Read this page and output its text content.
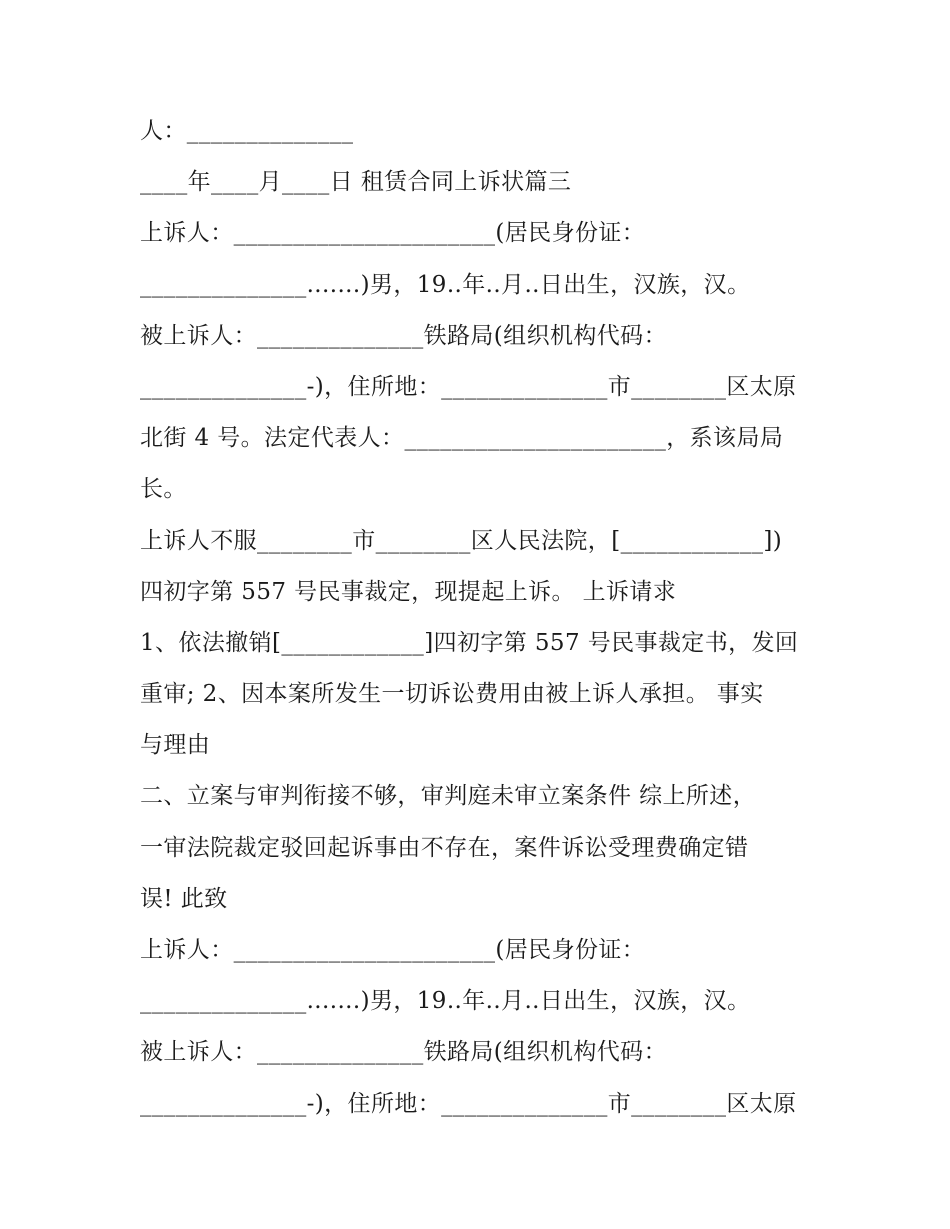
人：______________
____年____月____日 租赁合同上诉状篇三
上诉人：______________________(居民身份证：
______________.......)男，19..年..月..日出生，汉族，汉。
被上诉人：______________铁路局(组织机构代码：
______________-)，住所地：______________市________区太原
北街 4 号。法定代表人：______________________，系该局局
长。
上诉人不服________市________区人民法院，[____________])
四初字第 557 号民事裁定，现提起上诉。 上诉请求
1、依法撤销[____________]四初字第 557 号民事裁定书，发回
重审; 2、因本案所发生一切诉讼费用由被上诉人承担。 事实
与理由
二、立案与审判衔接不够，审判庭未审立案条件 综上所述，
一审法院裁定驳回起诉事由不存在，案件诉讼受理费确定错
误! 此致
上诉人：______________________(居民身份证：
______________.......)男，19..年..月..日出生，汉族，汉。
被上诉人：______________铁路局(组织机构代码：
______________-)，住所地：______________市________区太原
